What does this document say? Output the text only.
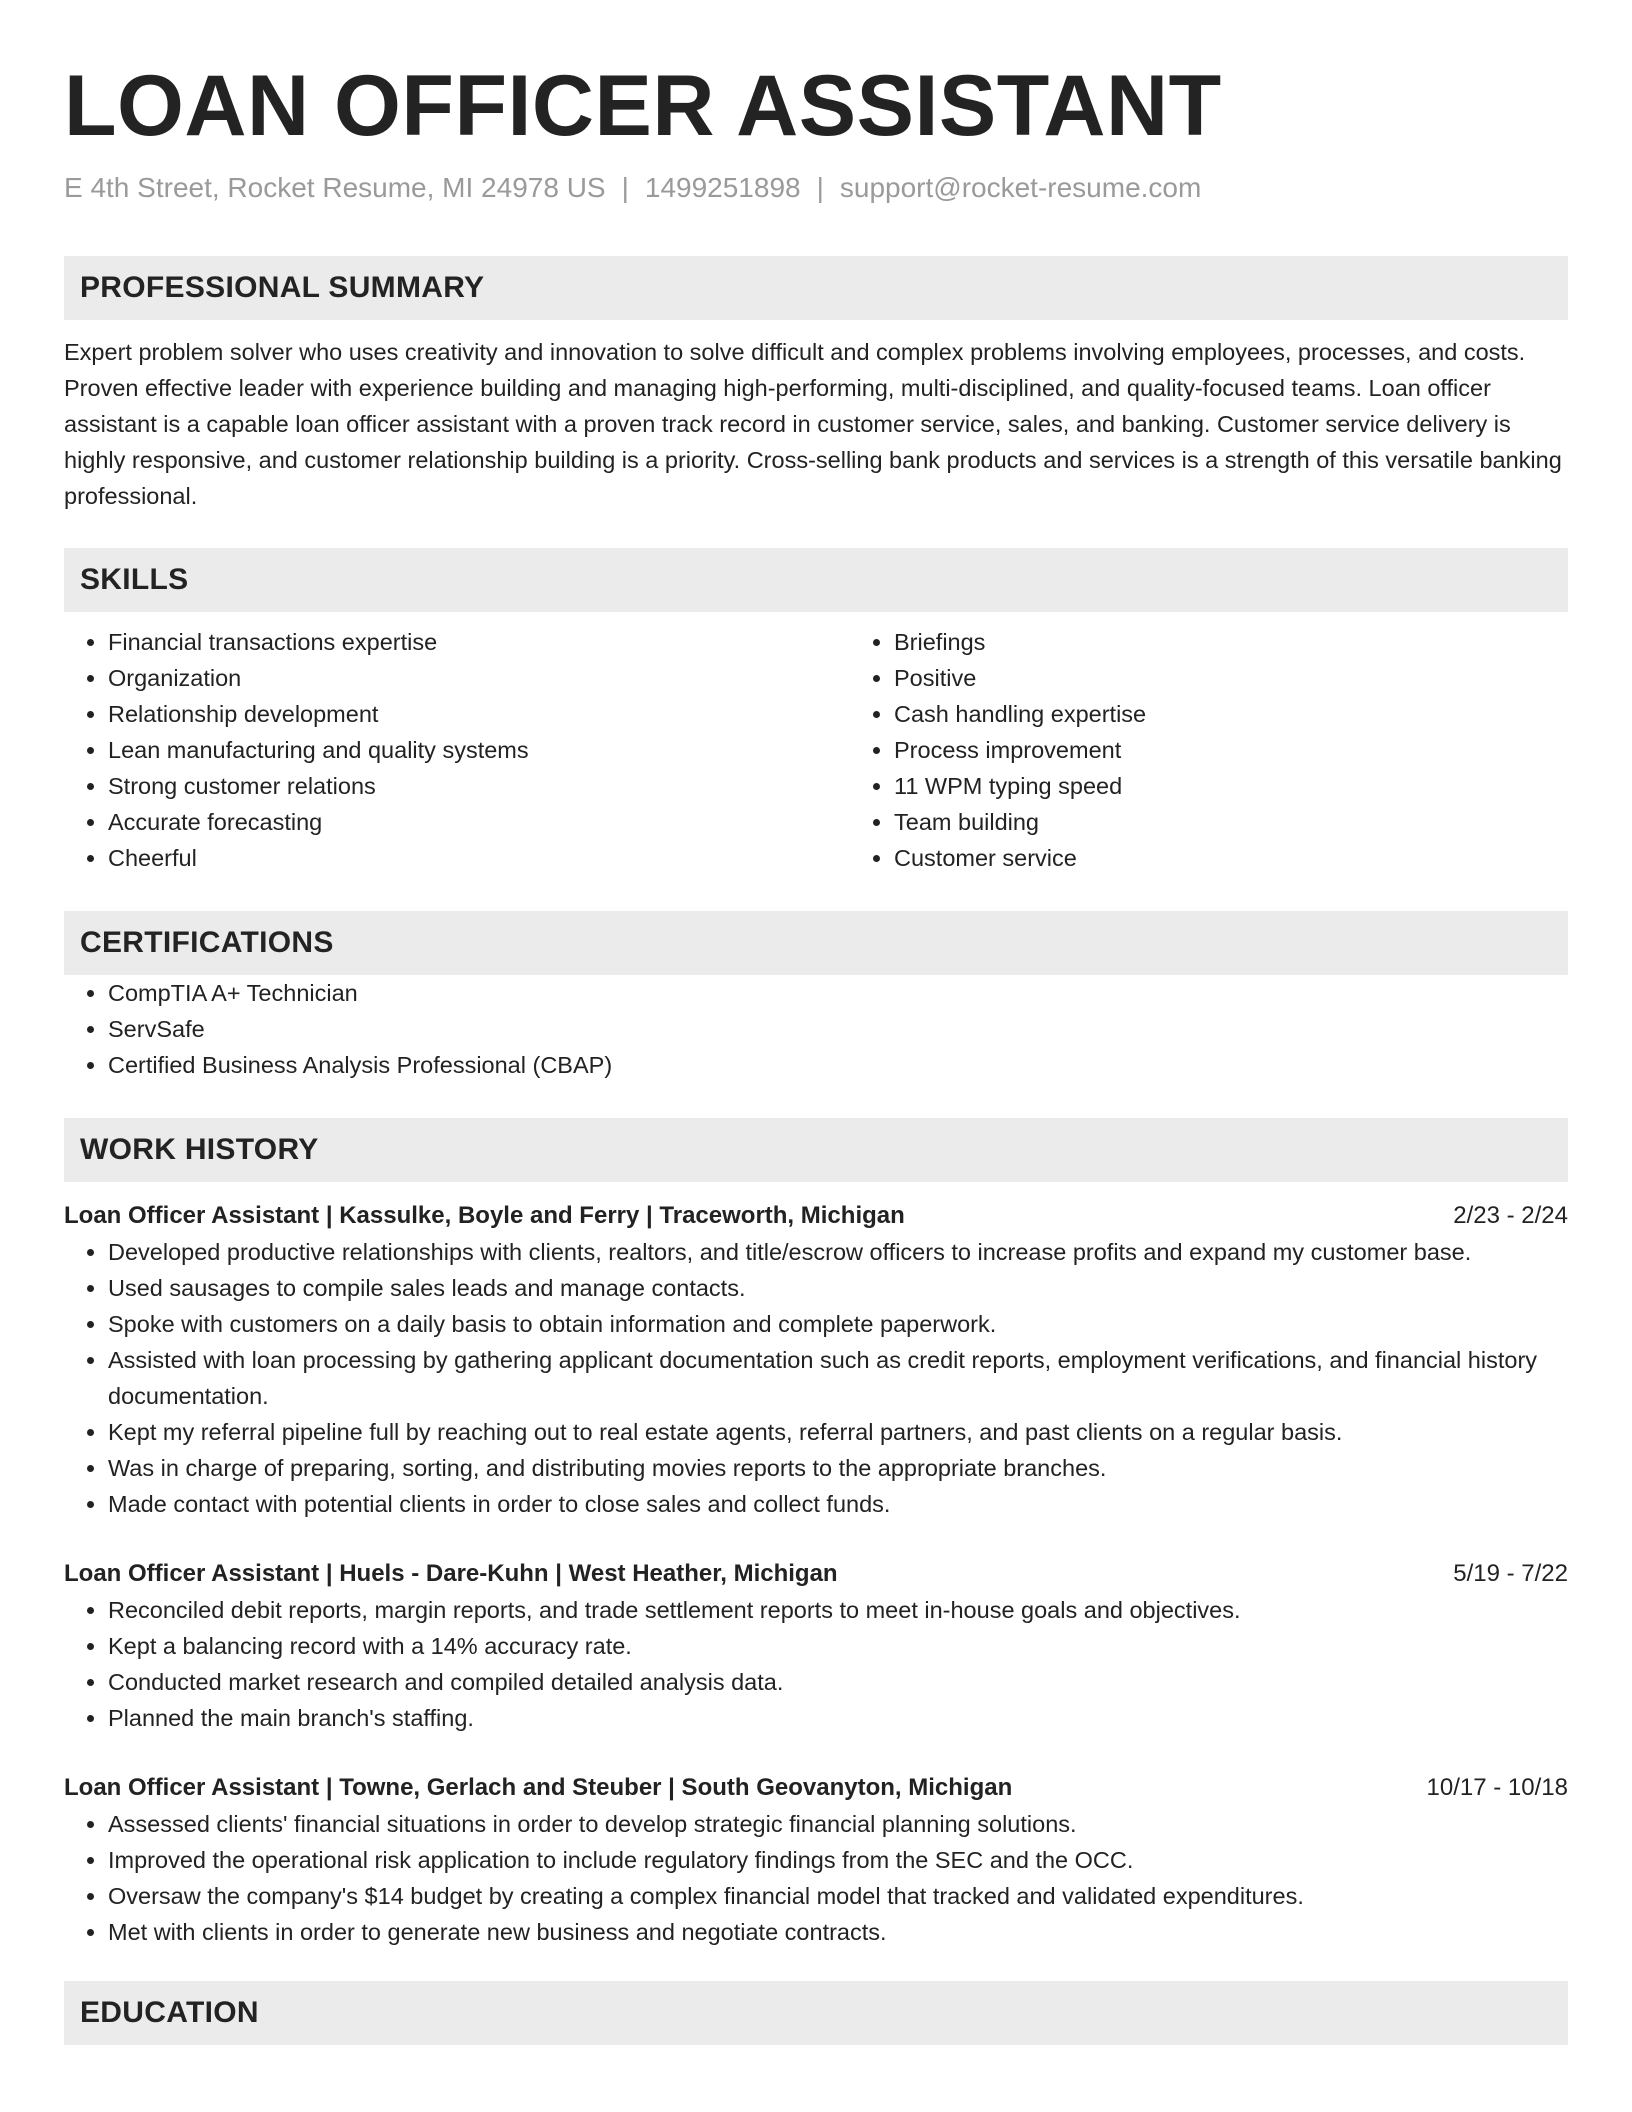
LOAN OFFICER ASSISTANT
E 4th Street, Rocket Resume, MI 24978 US | 1499251898 | support@rocket-resume.com
PROFESSIONAL SUMMARY
Expert problem solver who uses creativity and innovation to solve difficult and complex problems involving employees, processes, and costs. Proven effective leader with experience building and managing high-performing, multi-disciplined, and quality-focused teams. Loan officer assistant is a capable loan officer assistant with a proven track record in customer service, sales, and banking. Customer service delivery is highly responsive, and customer relationship building is a priority. Cross-selling bank products and services is a strength of this versatile banking professional.
SKILLS
• Financial transactions expertise
• Organization
• Relationship development
• Lean manufacturing and quality systems
• Strong customer relations
• Accurate forecasting
• Cheerful
• Briefings
• Positive
• Cash handling expertise
• Process improvement
• 11 WPM typing speed
• Team building
• Customer service
CERTIFICATIONS
• CompTIA A+ Technician
• ServSafe
• Certified Business Analysis Professional (CBAP)
WORK HISTORY
Loan Officer Assistant | Kassulke, Boyle and Ferry | Traceworth, Michigan	2/23 - 2/24
• Developed productive relationships with clients, realtors, and title/escrow officers to increase profits and expand my customer base.
• Used sausages to compile sales leads and manage contacts.
• Spoke with customers on a daily basis to obtain information and complete paperwork.
• Assisted with loan processing by gathering applicant documentation such as credit reports, employment verifications, and financial history documentation.
• Kept my referral pipeline full by reaching out to real estate agents, referral partners, and past clients on a regular basis.
• Was in charge of preparing, sorting, and distributing movies reports to the appropriate branches.
• Made contact with potential clients in order to close sales and collect funds.
Loan Officer Assistant | Huels - Dare-Kuhn | West Heather, Michigan	5/19 - 7/22
• Reconciled debit reports, margin reports, and trade settlement reports to meet in-house goals and objectives.
• Kept a balancing record with a 14% accuracy rate.
• Conducted market research and compiled detailed analysis data.
• Planned the main branch's staffing.
Loan Officer Assistant | Towne, Gerlach and Steuber | South Geovanyton, Michigan	10/17 - 10/18
• Assessed clients' financial situations in order to develop strategic financial planning solutions.
• Improved the operational risk application to include regulatory findings from the SEC and the OCC.
• Oversaw the company's $14 budget by creating a complex financial model that tracked and validated expenditures.
• Met with clients in order to generate new business and negotiate contracts.
EDUCATION
